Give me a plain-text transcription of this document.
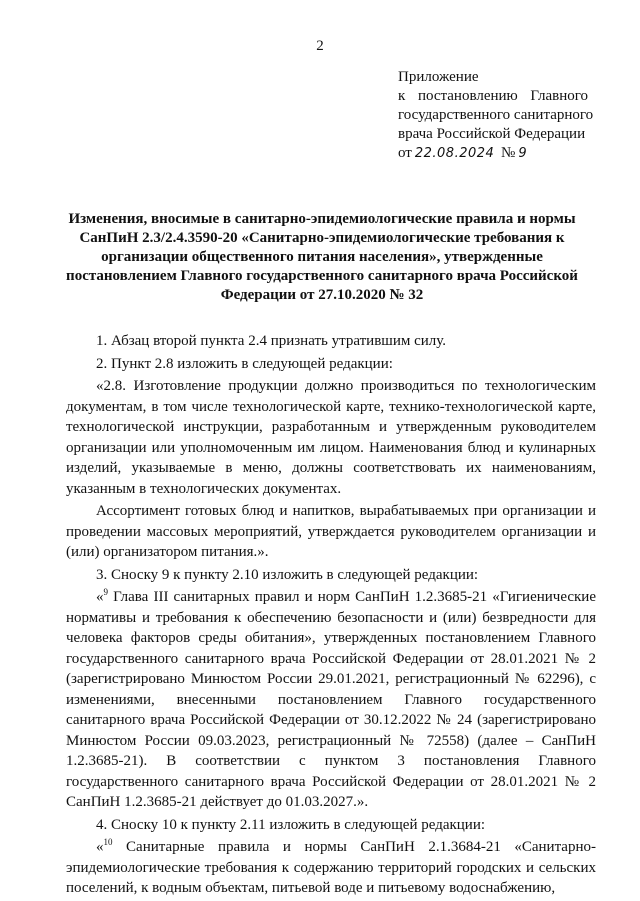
2
Приложение
к постановлению Главного
государственного санитарного
врача Российской Федерации
от 22.08.2024 № 9
Изменения, вносимые в санитарно-эпидемиологические правила и нормы СанПиН 2.3/2.4.3590-20 «Санитарно-эпидемиологические требования к организации общественного питания населения», утвержденные постановлением Главного государственного санитарного врача Российской Федерации от 27.10.2020 № 32

1. Абзац второй пункта 2.4 признать утратившим силу.

2. Пункт 2.8 изложить в следующей редакции:

«2.8. Изготовление продукции должно производиться по технологическим документам, в том числе технологической карте, технико-технологической карте, технологической инструкции, разработанным и утвержденным руководителем организации или уполномоченным им лицом. Наименования блюд и кулинарных изделий, указываемые в меню, должны соответствовать их наименованиям, указанным в технологических документах.

Ассортимент готовых блюд и напитков, вырабатываемых при организации и проведении массовых мероприятий, утверждается руководителем организации и (или) организатором питания.».

3. Сноску 9 к пункту 2.10 изложить в следующей редакции:

«$^9$ Глава III санитарных правил и норм СанПиН 1.2.3685-21 «Гигиенические нормативы и требования к обеспечению безопасности и (или) безвредности для человека факторов среды обитания», утвержденных постановлением Главного государственного санитарного врача Российской Федерации от 28.01.2021 № 2 (зарегистрировано Минюстом России 29.01.2021, регистрационный № 62296), с изменениями, внесенными постановлением Главного государственного санитарного врача Российской Федерации от 30.12.2022 № 24 (зарегистрировано Минюстом России 09.03.2023, регистрационный № 72558) (далее – СанПиН 1.2.3685-21). В соответствии с пунктом 3 постановления Главного государственного санитарного врача Российской Федерации от 28.01.2021 № 2 СанПиН 1.2.3685-21 действует до 01.03.2027.».

4. Сноску 10 к пункту 2.11 изложить в следующей редакции:

«$^{10}$ Санитарные правила и нормы СанПиН 2.1.3684-21 «Санитарно-эпидемиологические требования к содержанию территорий городских и сельских поселений, к водным объектам, питьевой воде и питьевому водоснабжению,
